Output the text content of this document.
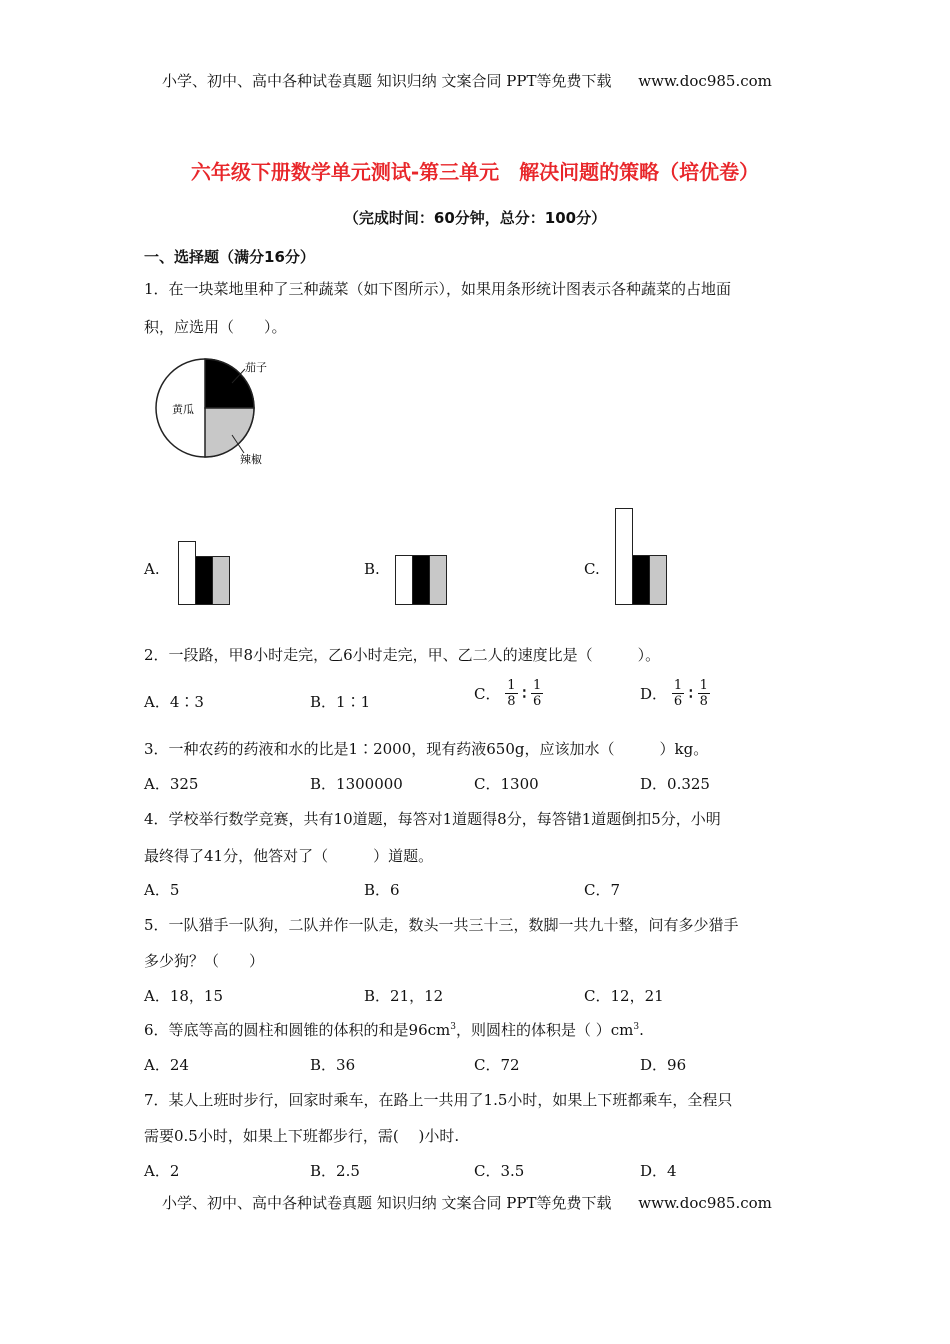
小学、初中、高中各种试卷真题 知识归纳 文案合同 PPT等免费下载 www.doc985.com
六年级下册数学单元测试-第三单元　解决问题的策略（培优卷）
（完成时间：60分钟，总分：100分）
一、选择题（满分16分）
1．在一块菜地里种了三种蔬菜（如下图所示），如果用条形统计图表示各种蔬菜的占地面
积，应选用（　　）。
茄子
黄瓜
辣椒
A.	B.	C.
2．一段路，甲8小时走完，乙6小时走完，甲、乙二人的速度比是（　　　）。
A．4∶3	B．1∶1	C． $\frac{1}{8}$ ∶ $\frac{1}{6}$	D． $\frac{1}{6}$ ∶ $\frac{1}{8}$
3．一种农药的药液和水的比是1∶2000，现有药液650g，应该加水（　　　）kg。
A．325	B．1300000	C．1300	D．0.325
4．学校举行数学竞赛，共有10道题，每答对1道题得8分，每答错1道题倒扣5分，小明
最终得了41分，他答对了（　　　）道题。
A．5	B．6	C．7
5．一队猎手一队狗，二队并作一队走，数头一共三十三，数脚一共九十整，问有多少猎手
多少狗？（　　）
A．18，15	B．21，12	C．12，21
6．等底等高的圆柱和圆锥的体积的和是$96cm^3$，则圆柱的体积是（ ）$cm^3$.
A．24	B．36	C．72	D．96
7．某人上班时步行，回家时乘车，在路上一共用了1.5小时，如果上下班都乘车，全程只
需要0.5小时，如果上下班都步行，需(　 )小时.
A．2	B．2.5	C．3.5	D．4
小学、初中、高中各种试卷真题 知识归纳 文案合同 PPT等免费下载 www.doc985.com
